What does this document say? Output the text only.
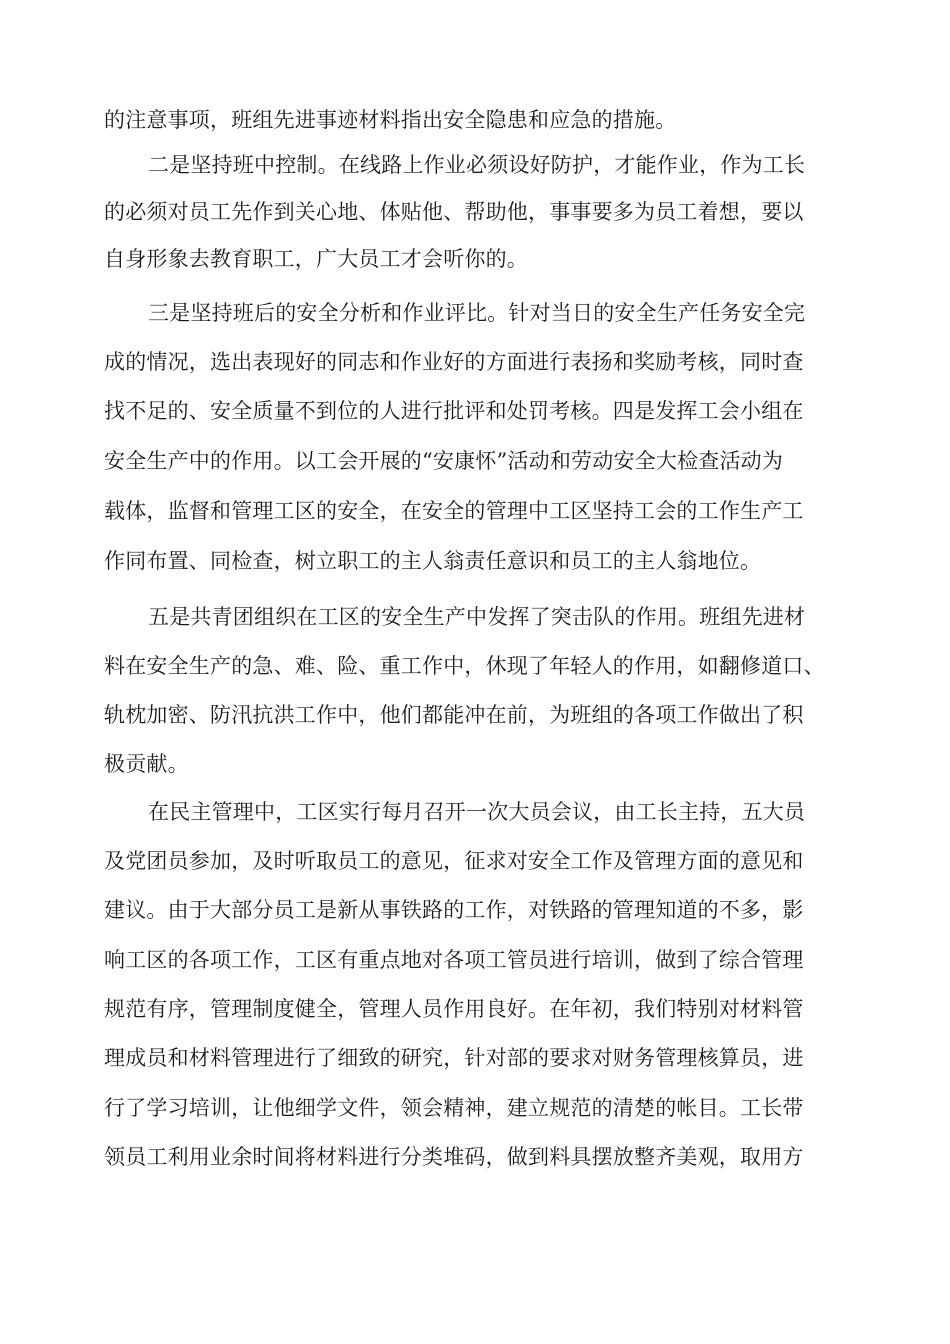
的注意事项，班组先进事迹材料指出安全隐患和应急的措施。
二是坚持班中控制。在线路上作业必须设好防护，才能作业，作为工长
的必须对员工先作到关心地、体贴他、帮助他，事事要多为员工着想，要以
自身形象去教育职工，广大员工才会听你的。
三是坚持班后的安全分析和作业评比。针对当日的安全生产任务安全完
成的情况，选出表现好的同志和作业好的方面进行表扬和奖励考核，同时查
找不足的、安全质量不到位的人进行批评和处罚考核。四是发挥工会小组在
安全生产中的作用。以工会开展的“安康怀”活动和劳动安全大检查活动为
载体，监督和管理工区的安全，在安全的管理中工区坚持工会的工作生产工
作同布置、同检查，树立职工的主人翁责任意识和员工的主人翁地位。
五是共青团组织在工区的安全生产中发挥了突击队的作用。班组先进材
料在安全生产的急、难、险、重工作中，休现了年轻人的作用，如翻修道口、
轨枕加密、防汛抗洪工作中，他们都能冲在前，为班组的各项工作做出了积
极贡献。
在民主管理中，工区实行每月召开一次大员会议，由工长主持，五大员
及党团员参加，及时听取员工的意见，征求对安全工作及管理方面的意见和
建议。由于大部分员工是新从事铁路的工作，对铁路的管理知道的不多，影
响工区的各项工作，工区有重点地对各项工管员进行培训，做到了综合管理
规范有序，管理制度健全，管理人员作用良好。在年初，我们特别对材料管
理成员和材料管理进行了细致的研究，针对部的要求对财务管理核算员，进
行了学习培训，让他细学文件，领会精神，建立规范的清楚的帐目。工长带
领员工利用业余时间将材料进行分类堆码，做到料具摆放整齐美观，取用方
